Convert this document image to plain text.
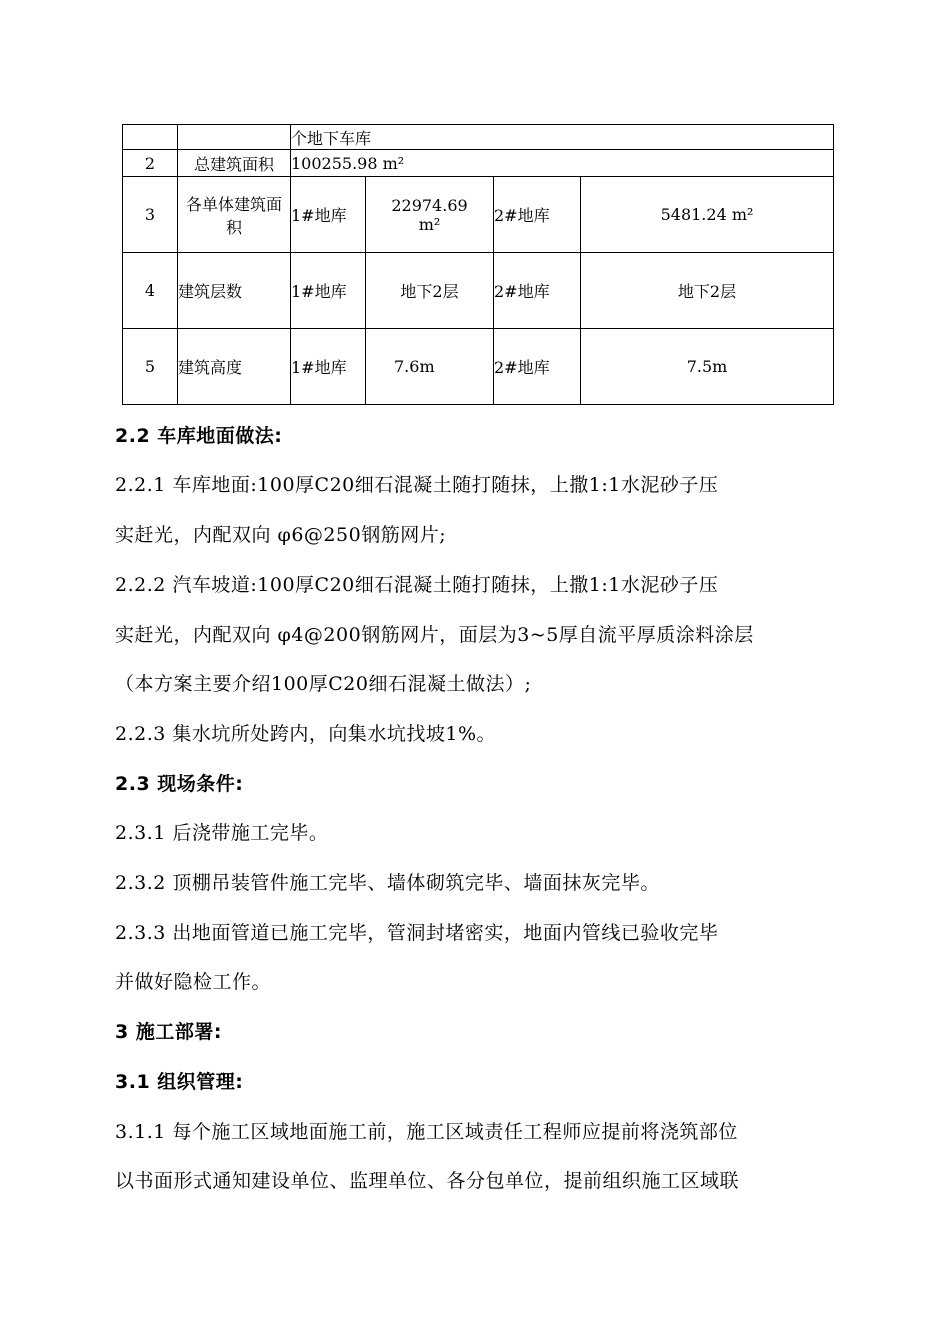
		个地下车库			
2	总建筑面积	100255.98 m²			
3	各单体建筑面积	1#地库	22974.69 m²	2#地库	5481.24 m²
4	建筑层数	1#地库	地下2层	2#地库	地下2层
5	建筑高度	1#地库	7.6m	2#地库	7.5m
2.2 车库地面做法:
2.2.1 车库地面:100厚C20细石混凝土随打随抹，上撒1:1水泥砂子压
实赶光，内配双向 φ6@250钢筋网片;
2.2.2 汽车坡道:100厚C20细石混凝土随打随抹，上撒1:1水泥砂子压
实赶光，内配双向 φ4@200钢筋网片，面层为3~5厚自流平厚质涂料涂层
（本方案主要介绍100厚C20细石混凝土做法）;
2.2.3 集水坑所处跨内，向集水坑找坡1%。
2.3 现场条件:
2.3.1 后浇带施工完毕。
2.3.2 顶棚吊装管件施工完毕、墙体砌筑完毕、墙面抹灰完毕。
2.3.3 出地面管道已施工完毕，管洞封堵密实，地面内管线已验收完毕
并做好隐检工作。
3 施工部署:
3.1 组织管理:
3.1.1 每个施工区域地面施工前，施工区域责任工程师应提前将浇筑部位
以书面形式通知建设单位、监理单位、各分包单位，提前组织施工区域联
